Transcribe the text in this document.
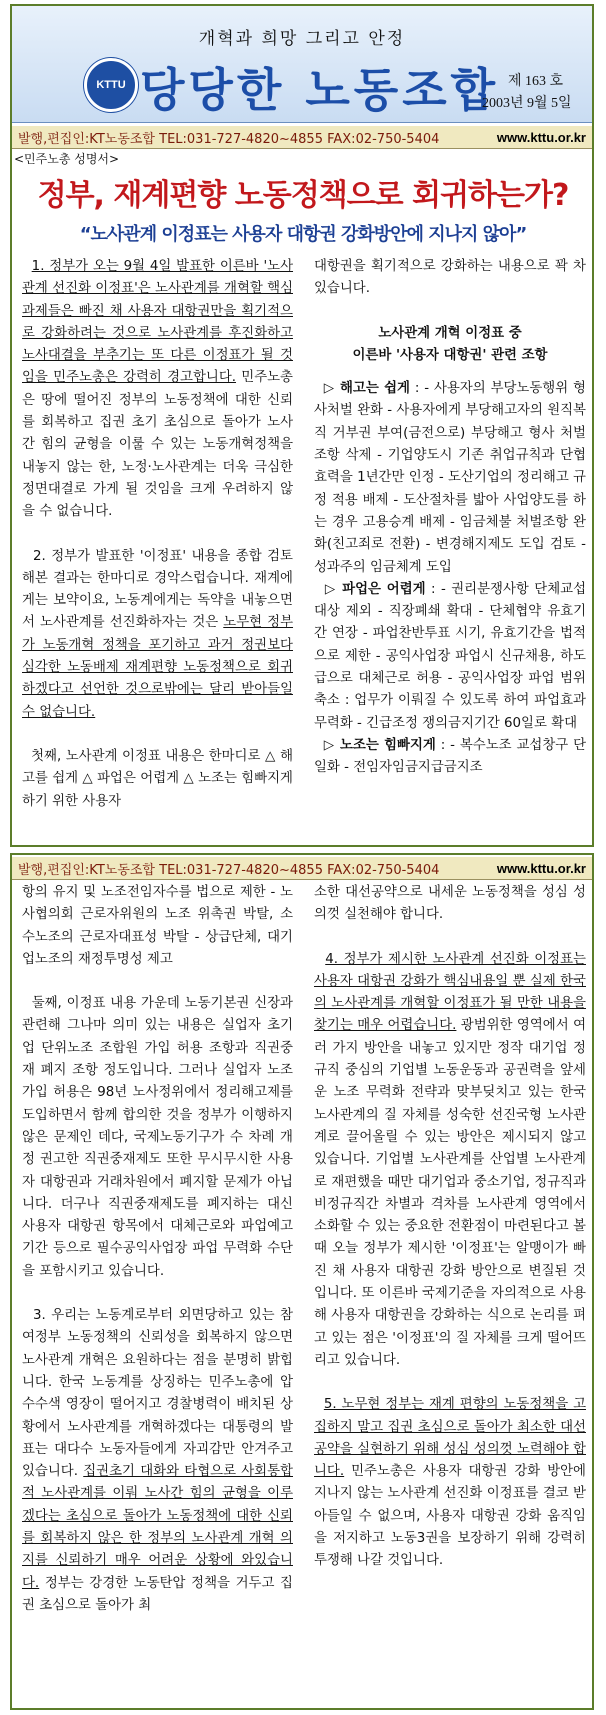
개혁과 희망 그리고 안정
KTTU 당당한 노동조합 제 163 호
2003년 9월 5일
발행,편집인:KT노동조합 TEL:031-727-4820~4855 FAX:02-750-5404	www.kttu.or.kr
<민주노총 성명서>
정부, 재계편향 노동정책으로 회귀하는가?
“노사관계 이정표는 사용자 대항권 강화방안에 지나지 않아”

1. 정부가 오는 9월 4일 발표한 이른바 '노사관계 선진화 이정표'은 노사관계를 개혁할 핵심과제들은 빠진 채 사용자 대항권만을 획기적으로 강화하려는 것으로 노사관계를 후진화하고 노사대결을 부추기는 또 다른 이정표가 될 것임을 민주노총은 강력히 경고합니다. 민주노총은 땅에 떨어진 정부의 노동정책에 대한 신뢰를 회복하고 집권 초기 초심으로 돌아가 노사간 힘의 균형을 이룰 수 있는 노동개혁정책을 내놓지 않는 한, 노정·노사관계는 더욱 극심한 정면대결로 가게 될 것임을 크게 우려하지 않을 수 없습니다.

2. 정부가 발표한 '이정표' 내용을 종합 검토해본 결과는 한마디로 경악스럽습니다. 재계에게는 보약이요, 노동계에게는 독약을 내놓으면서 노사관계를 선진화하자는 것은 노무현 정부가 노동개혁 정책을 포기하고 과거 정권보다 심각한 노동배제 재계편향 노동정책으로 회귀하겠다고 선언한 것으로밖에는 달리 받아들일 수 없습니다.

첫째, 노사관계 이정표 내용은 한마디로 △ 해고를 쉽게 △ 파업은 어렵게 △ 노조는 힘빠지게 하기 위한 사용자

대항권을 획기적으로 강화하는 내용으로 꽉 차 있습니다.

노사관계 개혁 이정표 중

이른바 '사용자 대항권' 관련 조항

▷ 해고는 쉽게 : - 사용자의 부당노동행위 형사처벌 완화 - 사용자에게 부당해고자의 원직복직 거부권 부여(금전으로) 부당해고 형사 처벌조항 삭제 - 기업양도시 기존 취업규칙과 단협 효력을 1년간만 인정 - 도산기업의 정리해고 규정 적용 배제 - 도산절차를 밟아 사업양도를 하는 경우 고용승계 배제 - 임금체불 처벌조항 완화(친고죄로 전환) - 변경해지제도 도입 검토 - 성과주의 임금체계 도입

▷ 파업은 어렵게 : - 권리분쟁사항 단체교섭대상 제외 - 직장폐쇄 확대 - 단체협약 유효기간 연장 - 파업찬반투표 시기, 유효기간을 법적으로 제한 - 공익사업장 파업시 신규채용, 하도급으로 대체근로 허용 - 공익사업장 파업 범위 축소 : 업무가 이뤄질 수 있도록 하여 파업효과 무력화 - 긴급조정 쟁의금지기간 60일로 확대

▷ 노조는 힘빠지게 : - 복수노조 교섭창구 단일화 - 전임자임금지급금지조

발행,편집인:KT노동조합 TEL:031-727-4820~4855 FAX:02-750-5404	www.kttu.or.kr

항의 유지 및 노조전임자수를 법으로 제한 - 노사협의회 근로자위원의 노조 위촉권 박탈, 소수노조의 근로자대표성 박탈 - 상급단체, 대기업노조의 재정투명성 제고

둘째, 이정표 내용 가운데 노동기본권 신장과 관련해 그나마 의미 있는 내용은 실업자 초기업 단위노조 조합원 가입 허용 조항과 직권중재 폐지 조항 정도입니다. 그러나 실업자 노조 가입 허용은 98년 노사정위에서 정리해고제를 도입하면서 함께 합의한 것을 정부가 이행하지 않은 문제인 데다, 국제노동기구가 수 차례 개정 권고한 직권중재제도 또한 무시무시한 사용자 대항권과 거래차원에서 폐지할 문제가 아닙니다. 더구나 직권중재제도를 폐지하는 대신 사용자 대항권 항목에서 대체근로와 파업예고기간 등으로 필수공익사업장 파업 무력화 수단을 포함시키고 있습니다.

3. 우리는 노동계로부터 외면당하고 있는 참여정부 노동정책의 신뢰성을 회복하지 않으면 노사관계 개혁은 요원하다는 점을 분명히 밝힙니다. 한국 노동계를 상징하는 민주노총에 압수수색 영장이 떨어지고 경찰병력이 배치된 상황에서 노사관계를 개혁하겠다는 대통령의 발표는 대다수 노동자들에게 자괴감만 안겨주고 있습니다. 집권초기 대화와 타협으로 사회통합적 노사관계를 이뤄 노사간 힘의 균형을 이루겠다는 초심으로 돌아가 노동정책에 대한 신뢰를 회복하지 않은 한 정부의 노사관계 개혁 의지를 신뢰하기 매우 어려운 상황에 와있습니다. 정부는 강경한 노동탄압 정책을 거두고 집권 초심으로 돌아가 최

소한 대선공약으로 내세운 노동정책을 성심 성의껏 실천해야 합니다.

4. 정부가 제시한 노사관계 선진화 이정표는 사용자 대항권 강화가 핵심내용일 뿐 실제 한국의 노사관계를 개혁할 이정표가 될 만한 내용을 찾기는 매우 어렵습니다. 광범위한 영역에서 여러 가지 방안을 내놓고 있지만 정작 대기업 정규직 중심의 기업별 노동운동과 공권력을 앞세운 노조 무력화 전략과 맞부딪치고 있는 한국 노사관계의 질 자체를 성숙한 선진국형 노사관계로 끌어올릴 수 있는 방안은 제시되지 않고 있습니다. 기업별 노사관계를 산업별 노사관계로 재편했을 때만 대기업과 중소기업, 정규직과 비정규직간 차별과 격차를 노사관계 영역에서 소화할 수 있는 중요한 전환점이 마련된다고 볼 때 오늘 정부가 제시한 '이정표'는 알맹이가 빠진 채 사용자 대항권 강화 방안으로 변질된 것입니다. 또 이른바 국제기준을 자의적으로 사용해 사용자 대항권을 강화하는 식으로 논리를 펴고 있는 점은 '이정표'의 질 자체를 크게 떨어뜨리고 있습니다.

5. 노무현 정부는 재계 편향의 노동정책을 고집하지 말고 집권 초심으로 돌아가 최소한 대선공약을 실현하기 위해 성심 성의껏 노력해야 합니다. 민주노총은 사용자 대항권 강화 방안에 지나지 않는 노사관계 선진화 이정표를 결코 받아들일 수 없으며, 사용자 대항권 강화 움직임을 저지하고 노동3권을 보장하기 위해 강력히 투쟁해 나갈 것입니다.
